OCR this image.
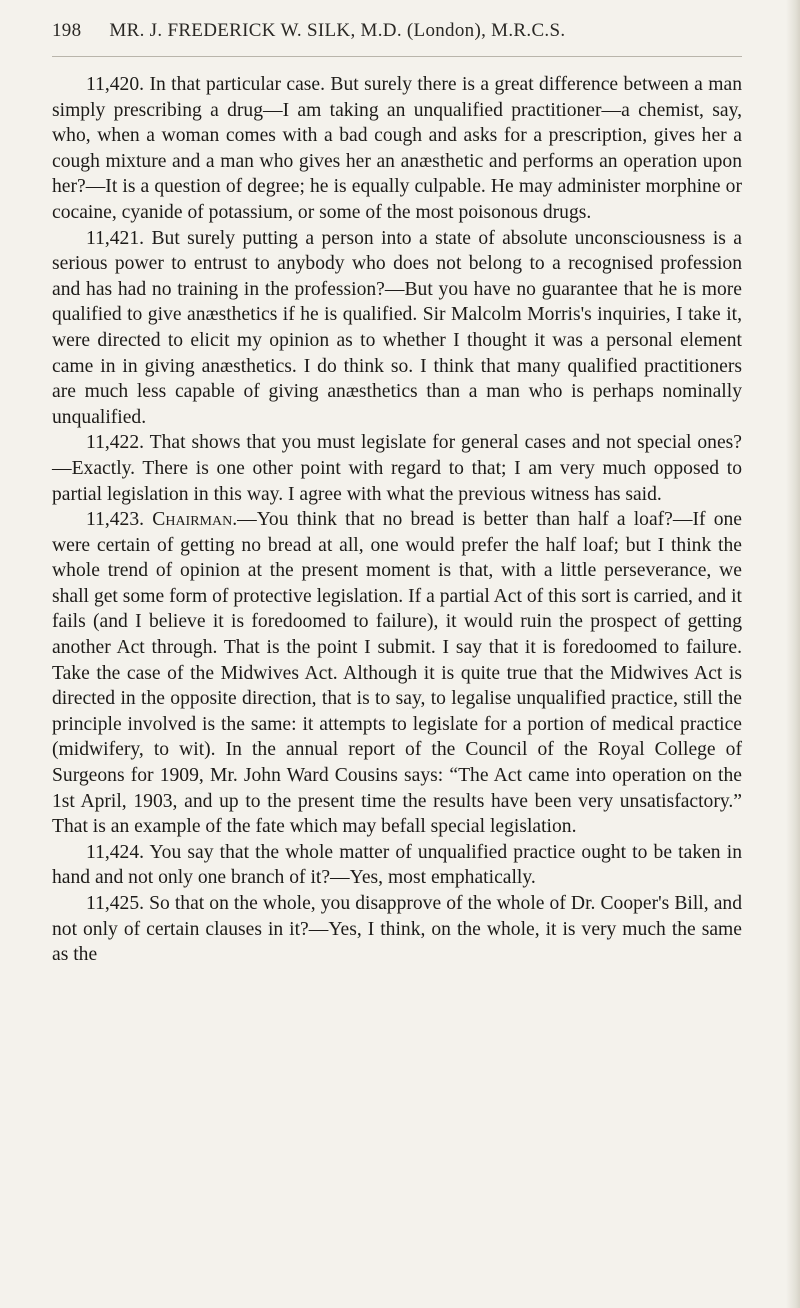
198 MR. J. FREDERICK W. SILK, M.D. (London), M.R.C.S.

11,420. In that particular case. But surely there is a great difference between a man simply prescribing a drug—I am taking an unqualified practitioner—a chemist, say, who, when a woman comes with a bad cough and asks for a prescription, gives her a cough mixture and a man who gives her an anæsthetic and performs an operation upon her?—It is a question of degree; he is equally culpable. He may administer morphine or cocaine, cyanide of potassium, or some of the most poisonous drugs.

11,421. But surely putting a person into a state of absolute unconsciousness is a serious power to entrust to anybody who does not belong to a recognised profession and has had no training in the profession?—But you have no guarantee that he is more qualified to give anæsthetics if he is qualified. Sir Malcolm Morris's inquiries, I take it, were directed to elicit my opinion as to whether I thought it was a personal element came in in giving anæsthetics. I do think so. I think that many qualified practitioners are much less capable of giving anæsthetics than a man who is perhaps nominally unqualified.

11,422. That shows that you must legislate for general cases and not special ones?—Exactly. There is one other point with regard to that; I am very much opposed to partial legislation in this way. I agree with what the previous witness has said.

11,423. Chairman.—You think that no bread is better than half a loaf?—If one were certain of getting no bread at all, one would prefer the half loaf; but I think the whole trend of opinion at the present moment is that, with a little perseverance, we shall get some form of protective legislation. If a partial Act of this sort is carried, and it fails (and I believe it is foredoomed to failure), it would ruin the prospect of getting another Act through. That is the point I submit. I say that it is foredoomed to failure. Take the case of the Midwives Act. Although it is quite true that the Midwives Act is directed in the opposite direction, that is to say, to legalise unqualified practice, still the principle involved is the same: it attempts to legislate for a portion of medical practice (midwifery, to wit). In the annual report of the Council of the Royal College of Surgeons for 1909, Mr. John Ward Cousins says: “The Act came into operation on the 1st April, 1903, and up to the present time the results have been very unsatisfactory.” That is an example of the fate which may befall special legislation.

11,424. You say that the whole matter of unqualified practice ought to be taken in hand and not only one branch of it?—Yes, most emphatically.

11,425. So that on the whole, you disapprove of the whole of Dr. Cooper's Bill, and not only of certain clauses in it?—Yes, I think, on the whole, it is very much the same as the
